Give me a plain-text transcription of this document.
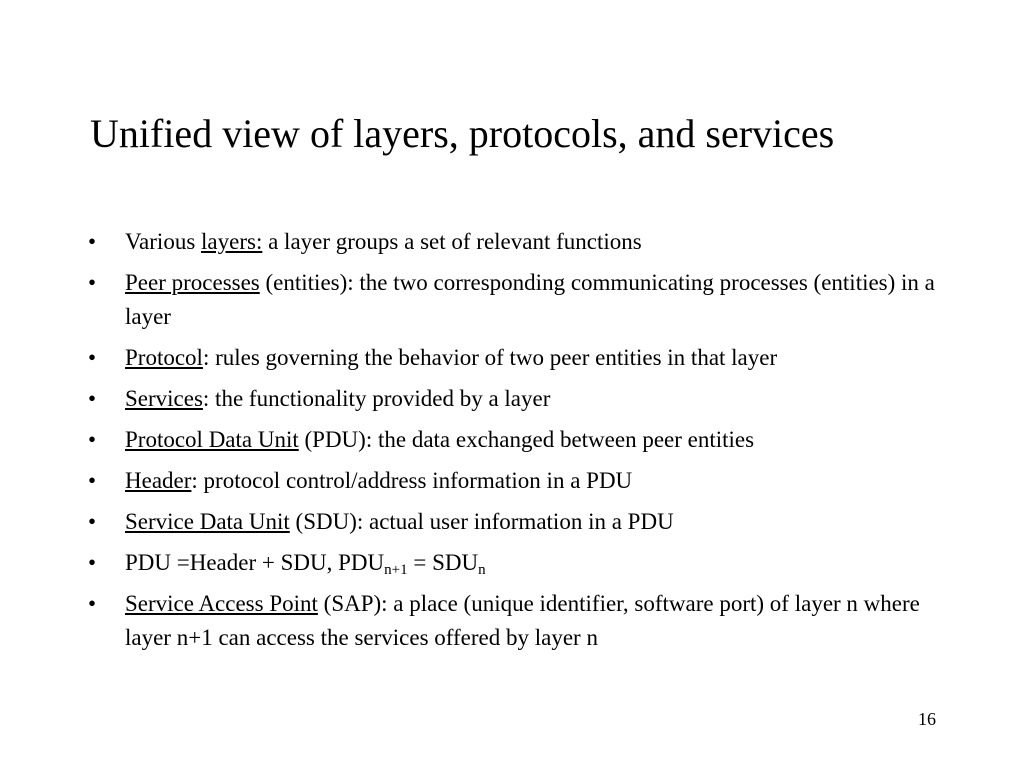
Unified view of layers, protocols, and services
• Various layers: a layer groups a set of relevant functions
• Peer processes (entities): the two corresponding communicating processes (entities) in a layer
• Protocol: rules governing the behavior of two peer entities in that layer
• Services: the functionality provided by a layer
• Protocol Data Unit (PDU): the data exchanged between peer entities
• Header: protocol control/address information in a PDU
• Service Data Unit (SDU): actual user information in a PDU
• PDU =Header + SDU, $PDU_{n+1} = SDU_n$
• Service Access Point (SAP): a place (unique identifier, software port) of layer n where layer n+1 can access the services offered by layer n
16
